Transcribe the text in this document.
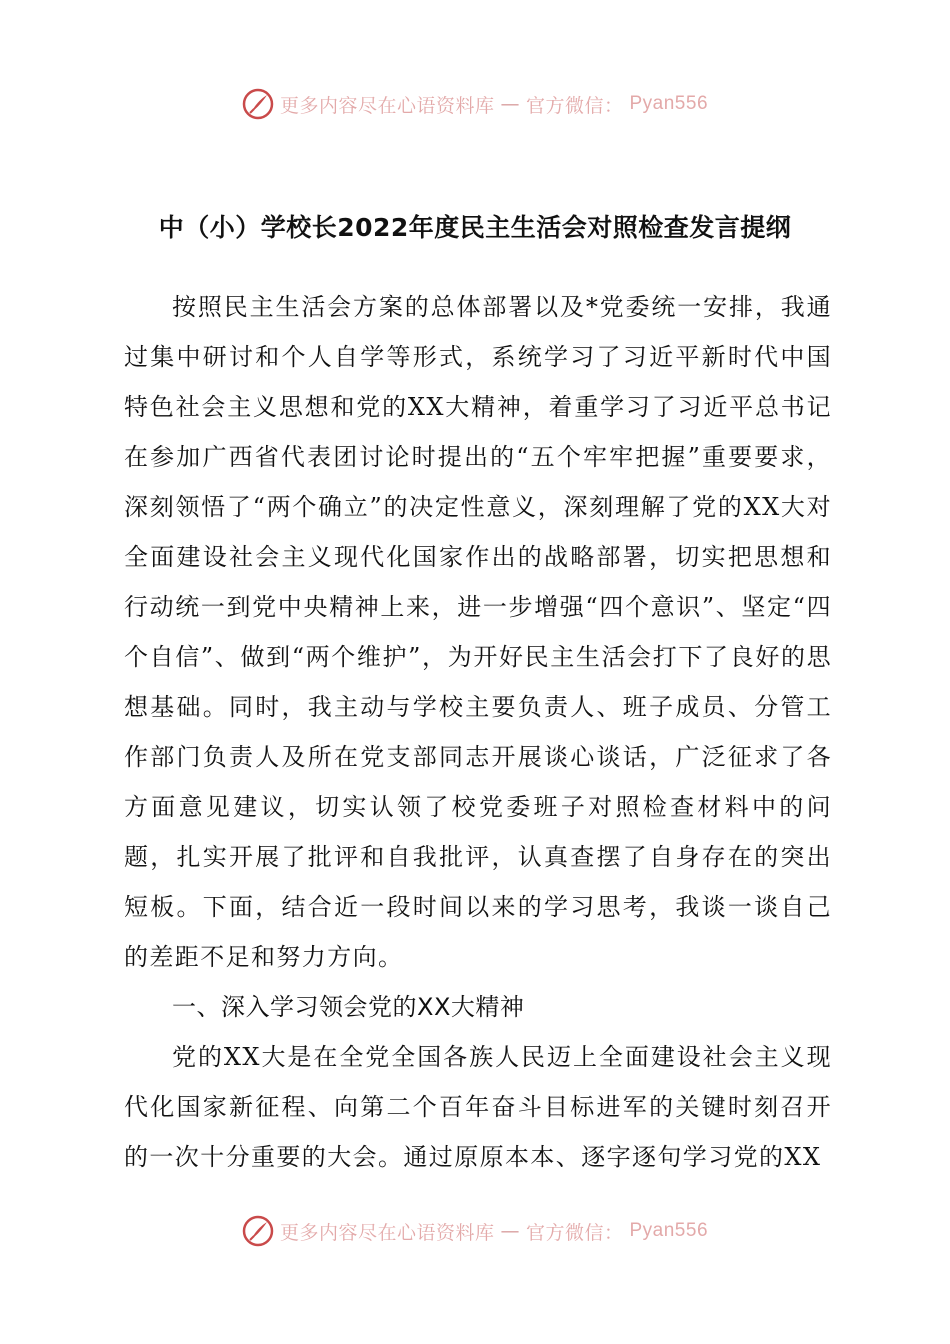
更多内容尽在心语资料库 — 官方微信： Pyan556
中（小）学校长2022年度民主生活会对照检查发言提纲

按照民主生活会方案的总体部署以及*党委统一安排，我通过集中研讨和个人自学等形式，系统学习了习近平新时代中国特色社会主义思想和党的XX大精神，着重学习了习近平总书记在参加广西省代表团讨论时提出的“五个牢牢把握”重要要求，深刻领悟了“两个确立”的决定性意义，深刻理解了党的XX大对全面建设社会主义现代化国家作出的战略部署，切实把思想和行动统一到党中央精神上来，进一步增强“四个意识”、坚定“四个自信”、做到“两个维护”，为开好民主生活会打下了良好的思想基础。同时，我主动与学校主要负责人、班子成员、分管工作部门负责人及所在党支部同志开展谈心谈话，广泛征求了各方面意见建议，切实认领了校党委班子对照检查材料中的问题，扎实开展了批评和自我批评，认真查摆了自身存在的突出短板。下面，结合近一段时间以来的学习思考，我谈一谈自己的差距不足和努力方向。

一、深入学习领会党的XX大精神

党的XX大是在全党全国各族人民迈上全面建设社会主义现代化国家新征程、向第二个百年奋斗目标进军的关键时刻召开的一次十分重要的大会。通过原原本本、逐字逐句学习党的XX

更多内容尽在心语资料库 — 官方微信： Pyan556
